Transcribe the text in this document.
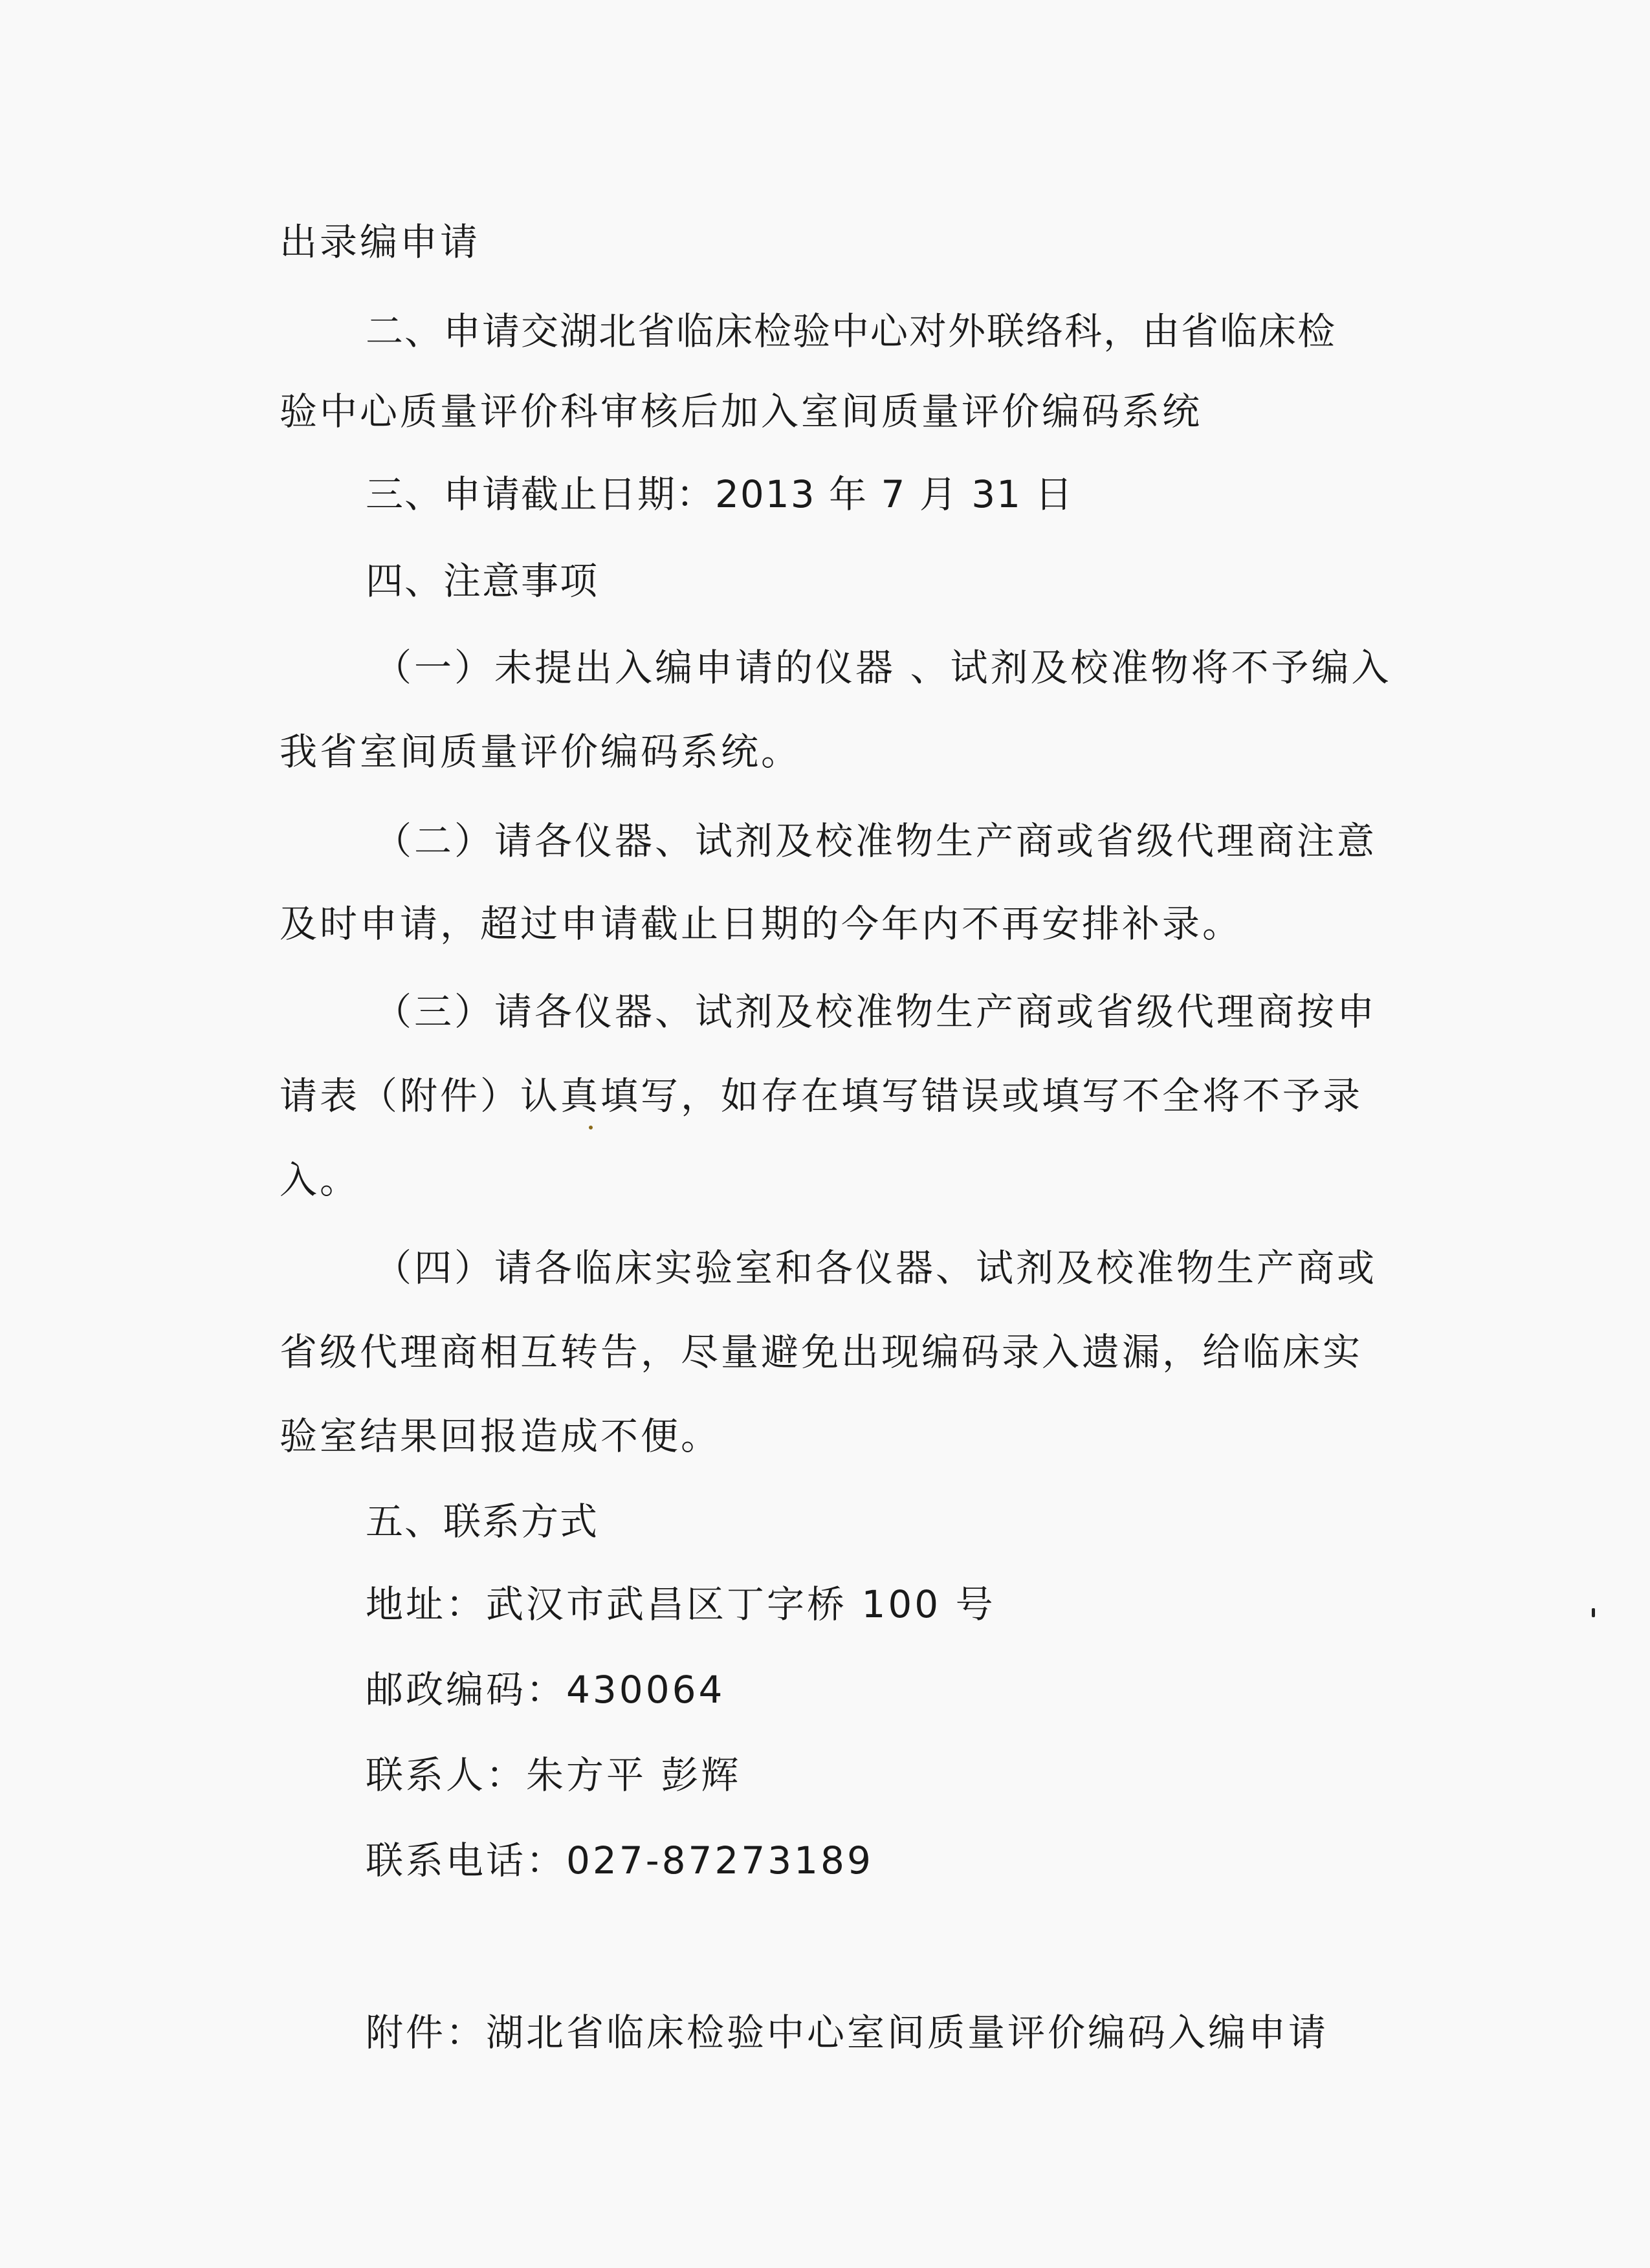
出录编申请
二、申请交湖北省临床检验中心对外联络科，由省临床检
验中心质量评价科审核后加入室间质量评价编码系统
三、申请截止日期：2013 年 7 月 31 日
四、注意事项
（一）未提出入编申请的仪器 、试剂及校准物将不予编入
我省室间质量评价编码系统。
（二）请各仪器、试剂及校准物生产商或省级代理商注意
及时申请，超过申请截止日期的今年内不再安排补录。
（三）请各仪器、试剂及校准物生产商或省级代理商按申
请表（附件）认真填写，如存在填写错误或填写不全将不予录
入。
（四）请各临床实验室和各仪器、试剂及校准物生产商或
省级代理商相互转告，尽量避免出现编码录入遗漏，给临床实
验室结果回报造成不便。
五、联系方式
地址：武汉市武昌区丁字桥 100 号
邮政编码：430064
联系人：朱方平 彭辉
联系电话：027-87273189
附件：湖北省临床检验中心室间质量评价编码入编申请
